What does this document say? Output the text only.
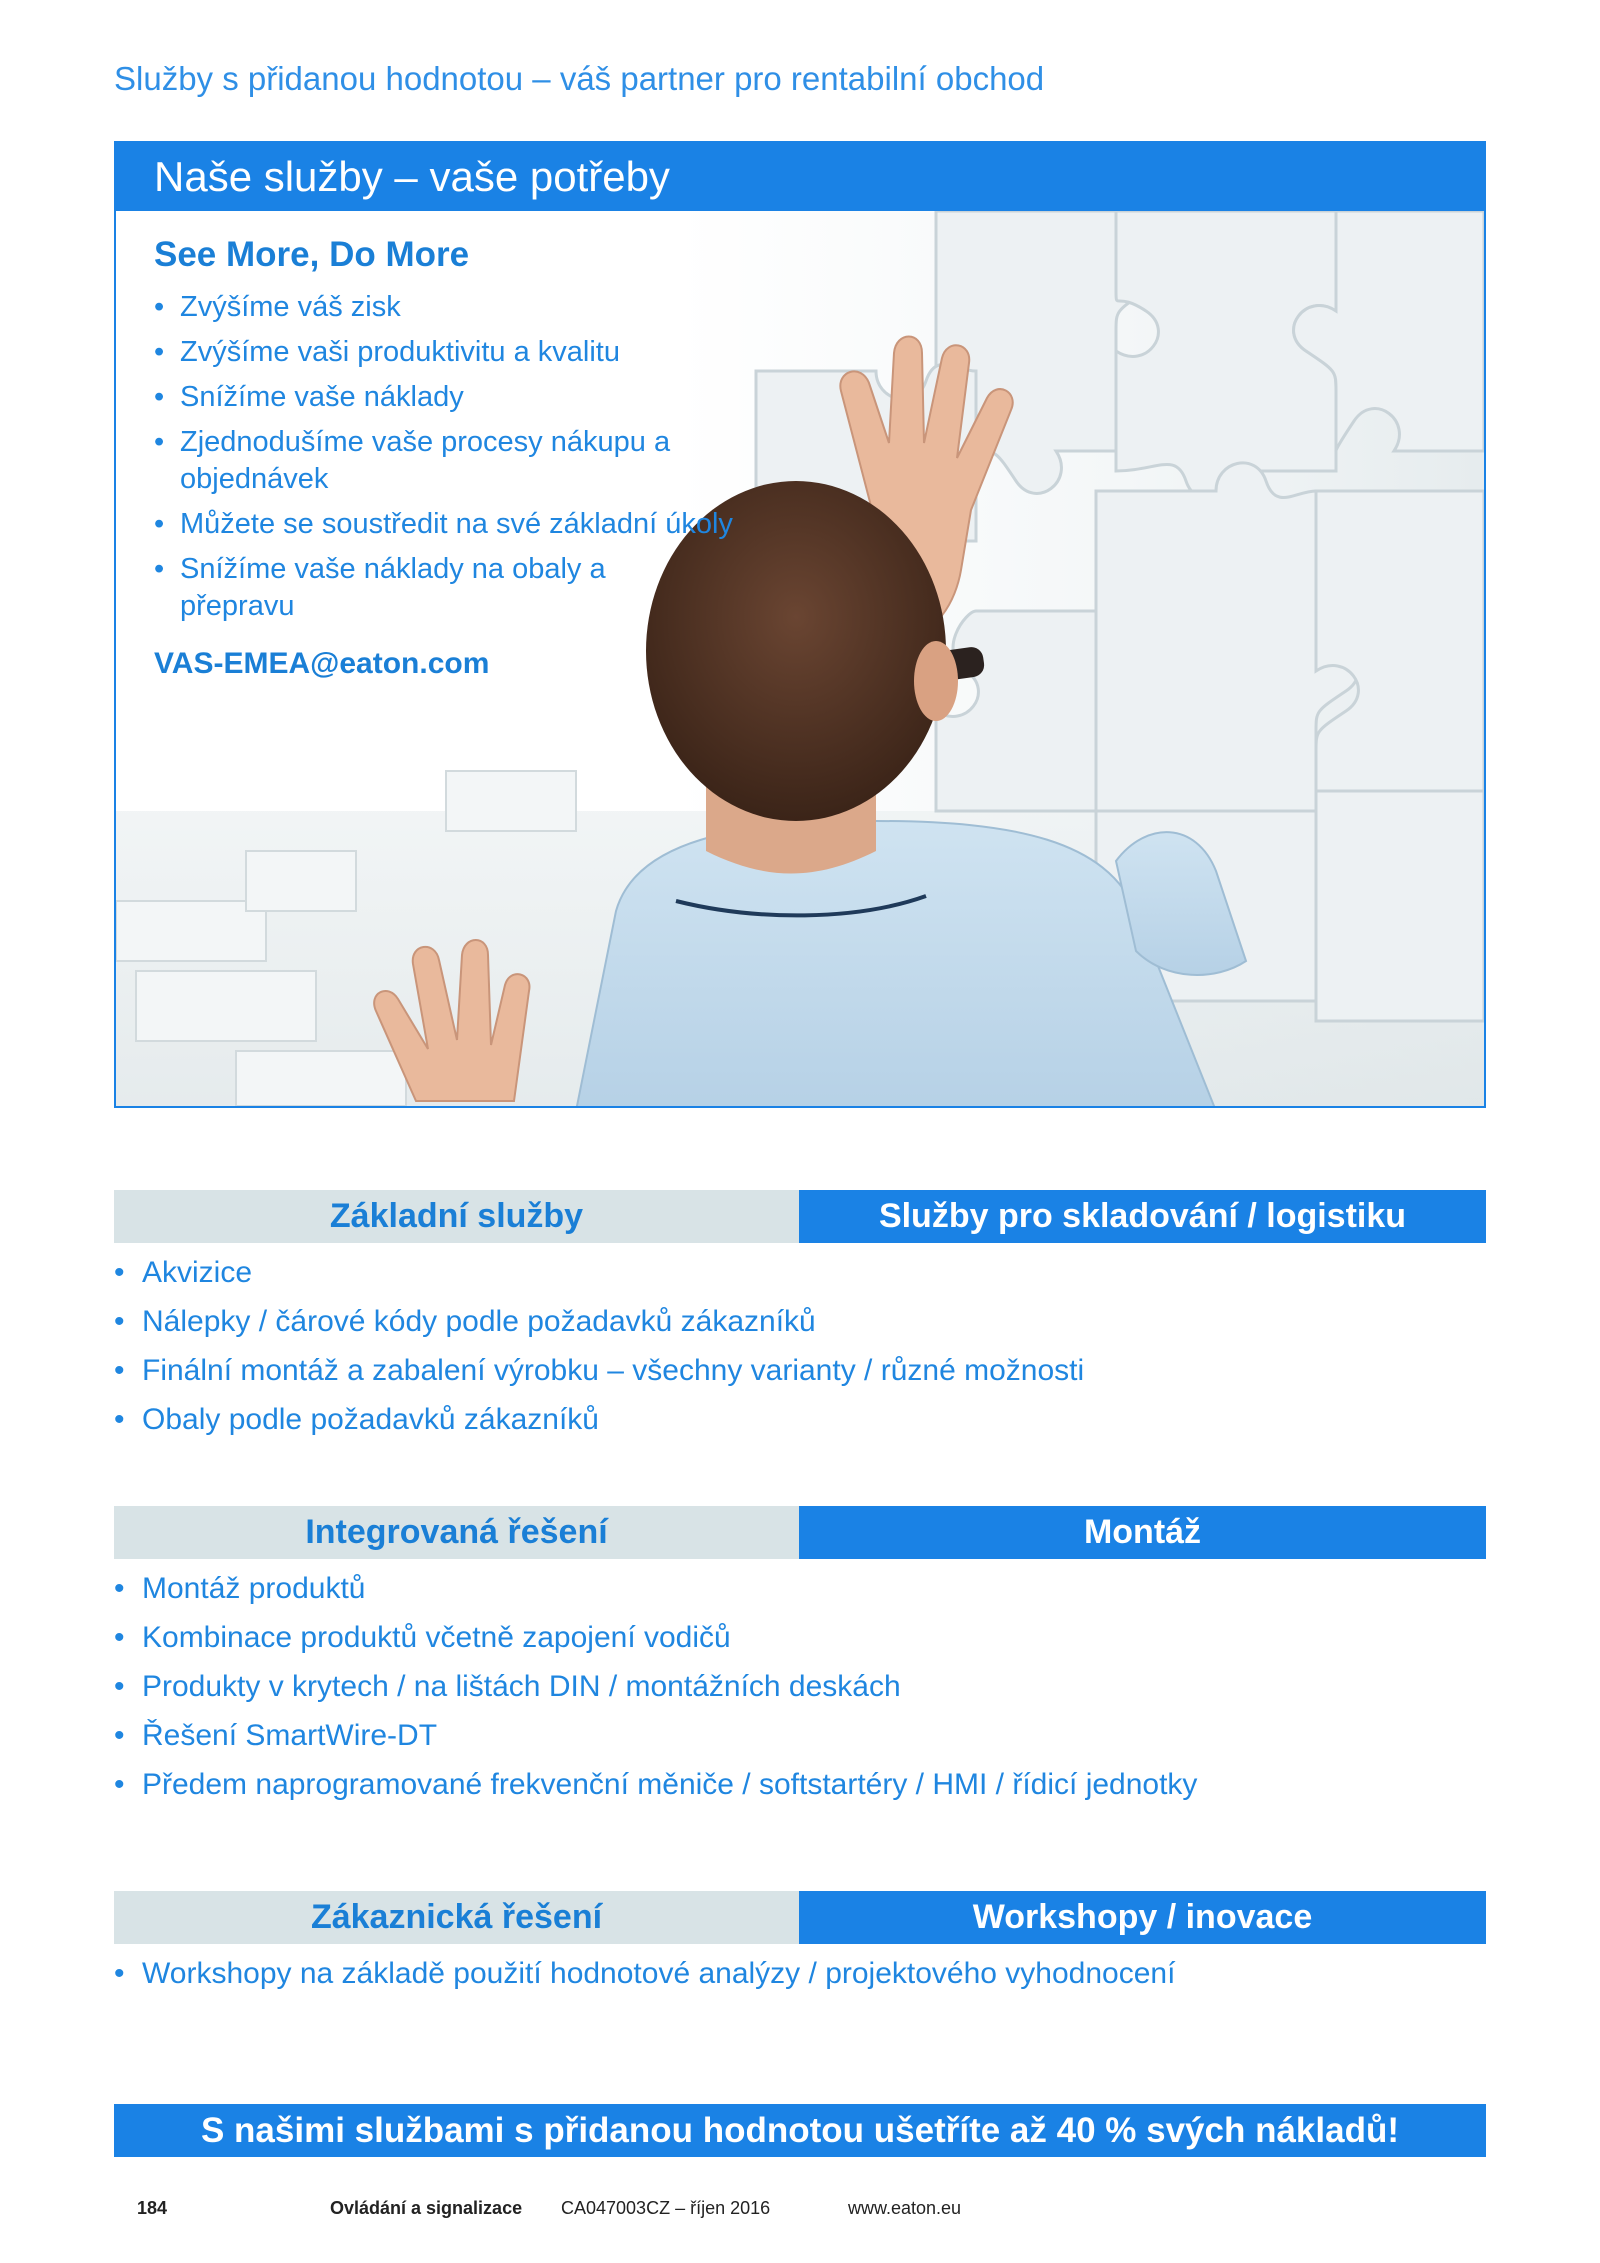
Služby s přidanou hodnotou – váš partner pro rentabilní obchod
Naše služby – vaše potřeby
See More, Do More
• Zvýšíme váš zisk
• Zvýšíme vaši produktivitu a kvalitu
• Snížíme vaše náklady
• Zjednodušíme vaše procesy nákupu a objednávek
• Můžete se soustředit na své základní úkoly
• Snížíme vaše náklady na obaly a přepravu
VAS-EMEA@eaton.com
Základní služby	Služby pro skladování / logistiku
• Akvizice
• Nálepky / čárové kódy podle požadavků zákazníků
• Finální montáž a zabalení výrobku – všechny varianty / různé možnosti
• Obaly podle požadavků zákazníků
Integrovaná řešení	Montáž
• Montáž produktů
• Kombinace produktů včetně zapojení vodičů
• Produkty v krytech / na lištách DIN / montážních deskách
• Řešení SmartWire-DT
• Předem naprogramované frekvenční měniče / softstartéry / HMI / řídicí jednotky
Zákaznická řešení	Workshopy / inovace
• Workshopy na základě použití hodnotové analýzy / projektového vyhodnocení
S našimi službami s přidanou hodnotou ušetříte až 40 % svých nákladů!
184	Ovládání a signalizace CA047003CZ – říjen 2016	www.eaton.eu
